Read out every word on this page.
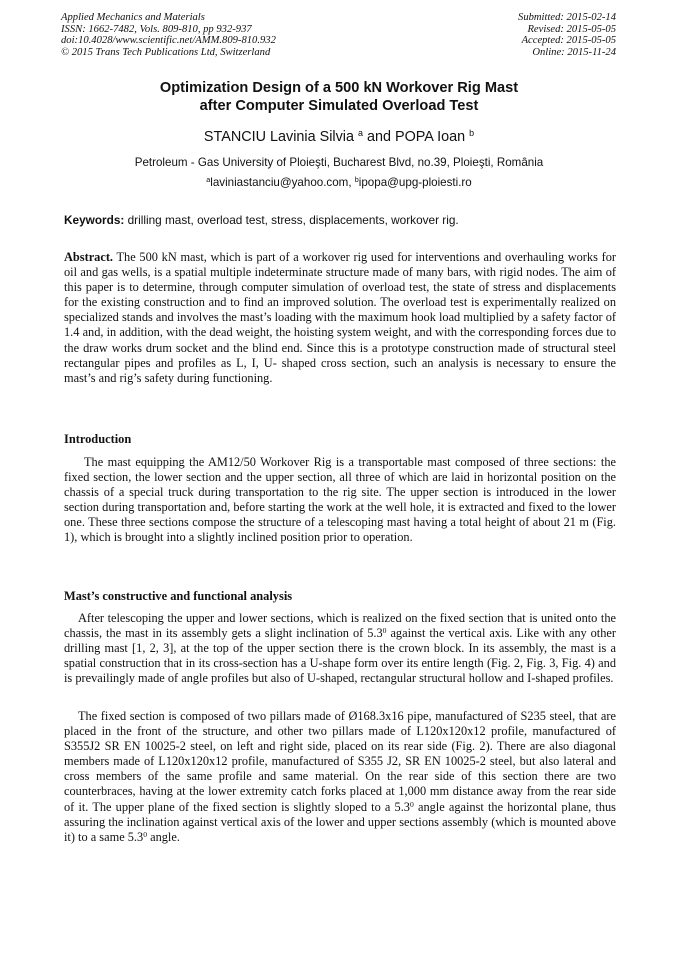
Applied Mechanics and Materials
ISSN: 1662-7482, Vols. 809-810, pp 932-937
doi:10.4028/www.scientific.net/AMM.809-810.932
© 2015 Trans Tech Publications Ltd, Switzerland
Submitted: 2015-02-14
Revised: 2015-05-05
Accepted: 2015-05-05
Online: 2015-11-24
Optimization Design of a 500 kN Workover Rig Mast
after Computer Simulated Overload Test
STANCIU Lavinia Silvia $^a$ and POPA Ioan $^b$
Petroleum - Gas University of Ploieşti, Bucharest Blvd, no.39, Ploieşti, România
$^a$laviniastanciu@yahoo.com, $^b$ipopa@upg-ploiesti.ro
Keywords: drilling mast, overload test, stress, displacements, workover rig.
Abstract. The 500 kN mast, which is part of a workover rig used for interventions and overhauling works for oil and gas wells, is a spatial multiple indeterminate structure made of many bars, with rigid nodes. The aim of this paper is to determine, through computer simulation of overload test, the state of stress and displacements for the existing construction and to find an improved solution. The overload test is experimentally realized on specialized stands and involves the mast’s loading with the maximum hook load multiplied by a safety factor of 1.4 and, in addition, with the dead weight, the hoisting system weight, and with the corresponding forces due to the draw works drum socket and the blind end. Since this is a prototype construction made of structural steel rectangular pipes and profiles as L, I, U- shaped cross section, such an analysis is necessary to ensure the mast’s and rig’s safety during functioning.
Introduction
The mast equipping the AM12/50 Workover Rig is a transportable mast composed of three sections: the fixed section, the lower section and the upper section, all three of which are laid in horizontal position on the chassis of a special truck during transportation to the rig site. The upper section is introduced in the lower section during transportation and, before starting the work at the well hole, it is extracted and fixed to the lower one. These three sections compose the structure of a telescoping mast having a total height of about 21 m (Fig. 1), which is brought into a slightly inclined position prior to operation.
Mast’s constructive and functional analysis
After telescoping the upper and lower sections, which is realized on the fixed section that is united onto the chassis, the mast in its assembly gets a slight inclination of $5.3^0$ against the vertical axis. Like with any other drilling mast [1, 2, 3], at the top of the upper section there is the crown block. In its assembly, the mast is a spatial construction that in its cross-section has a U-shape form over its entire length (Fig. 2, Fig. 3, Fig. 4) and is prevailingly made of angle profiles but also of U-shaped, rectangular structural hollow and I-shaped profiles.
The fixed section is composed of two pillars made of Ø168.3x16 pipe, manufactured of S235 steel, that are placed in the front of the structure, and other two pillars made of L120x120x12 profile, manufactured of S355J2 SR EN 10025-2 steel, on left and right side, placed on its rear side (Fig. 2). There are also diagonal members made of L120x120x12 profile, manufactured of S355 J2, SR EN 10025-2 steel, but also lateral and cross members of the same profile and same material. On the rear side of this section there are two counterbraces, having at the lower extremity catch forks placed at 1,000 mm distance away from the rear side of it. The upper plane of the fixed section is slightly sloped to a $5.3^0$ angle against the horizontal plane, thus assuring the inclination against vertical axis of the lower and upper sections assembly (which is mounted above it) to a same $5.3^0$ angle.
